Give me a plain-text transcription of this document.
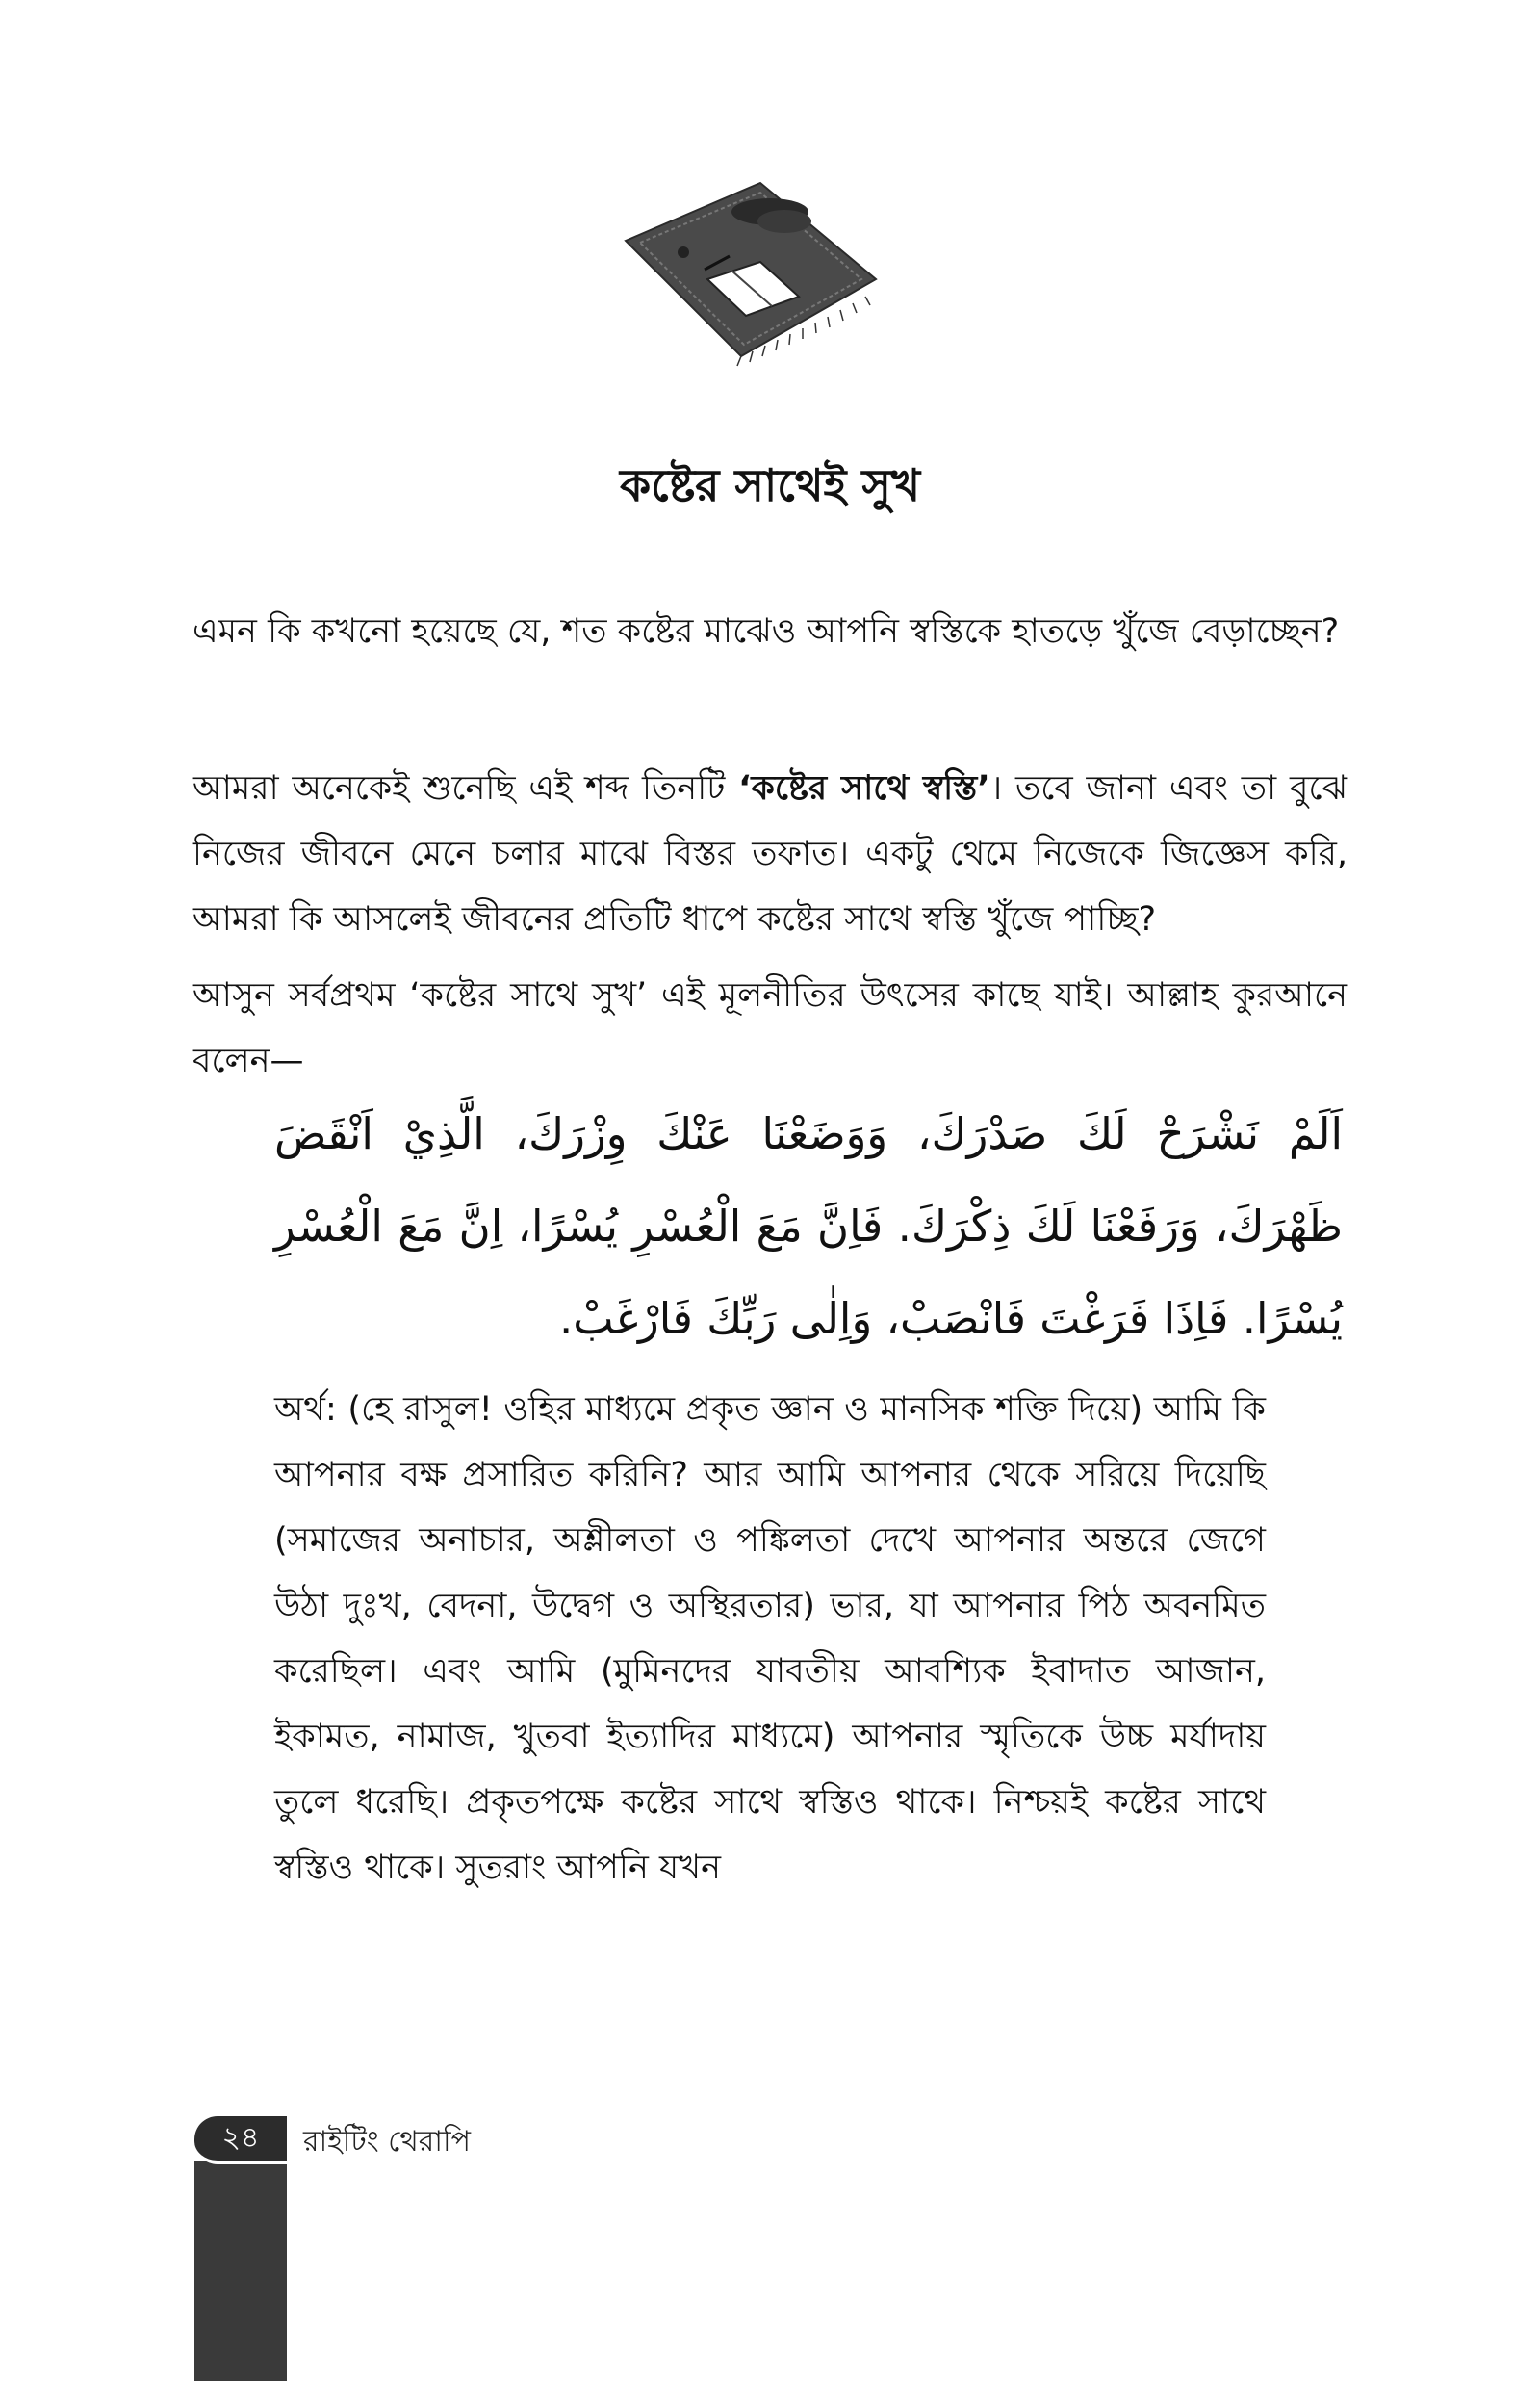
কষ্টের সাথেই সুখ

এমন কি কখনো হয়েছে যে, শত কষ্টের মাঝেও আপনি স্বস্তিকে হাতড়ে খুঁজে বেড়াচ্ছেন?

আমরা অনেকেই শুনেছি এই শব্দ তিনটি ‘কষ্টের সাথে স্বস্তি’। তবে জানা এবং তা বুঝে নিজের জীবনে মেনে চলার মাঝে বিস্তর তফাত। একটু থেমে নিজেকে জিজ্ঞেস করি, আমরা কি আসলেই জীবনের প্রতিটি ধাপে কষ্টের সাথে স্বস্তি খুঁজে পাচ্ছি?

আসুন সর্বপ্রথম ‘কষ্টের সাথে সুখ’ এই মূলনীতির উৎসের কাছে যাই। আল্লাহ কুরআনে বলেন—

اَلَمْ نَشْرَحْ لَكَ صَدْرَكَ، وَوَضَعْنَا عَنْكَ وِزْرَكَ، الَّذِيْ اَنْقَضَ ظَهْرَكَ، وَرَفَعْنَا لَكَ ذِكْرَكَ. فَاِنَّ مَعَ الْعُسْرِ يُسْرًا، اِنَّ مَعَ الْعُسْرِ يُسْرًا. فَاِذَا فَرَغْتَ فَانْصَبْ، وَاِلٰى رَبِّكَ فَارْغَبْ.

অর্থ: (হে রাসুল! ওহির মাধ্যমে প্রকৃত জ্ঞান ও মানসিক শক্তি দিয়ে) আমি কি আপনার বক্ষ প্রসারিত করিনি? আর আমি আপনার থেকে সরিয়ে দিয়েছি (সমাজের অনাচার, অশ্লীলতা ও পঙ্কিলতা দেখে আপনার অন্তরে জেগে উঠা দুঃখ, বেদনা, উদ্বেগ ও অস্থিরতার) ভার, যা আপনার পিঠ অবনমিত করেছিল। এবং আমি (মুমিনদের যাবতীয় আবশ্যিক ইবাদাত আজান, ইকামত, নামাজ, খুতবা ইত্যাদির মাধ্যমে) আপনার স্মৃতিকে উচ্চ মর্যাদায় তুলে ধরেছি। প্রকৃতপক্ষে কষ্টের সাথে স্বস্তিও থাকে। নিশ্চয়ই কষ্টের সাথে স্বস্তিও থাকে। সুতরাং আপনি যখন

২৪	রাইটিং থেরাপি
